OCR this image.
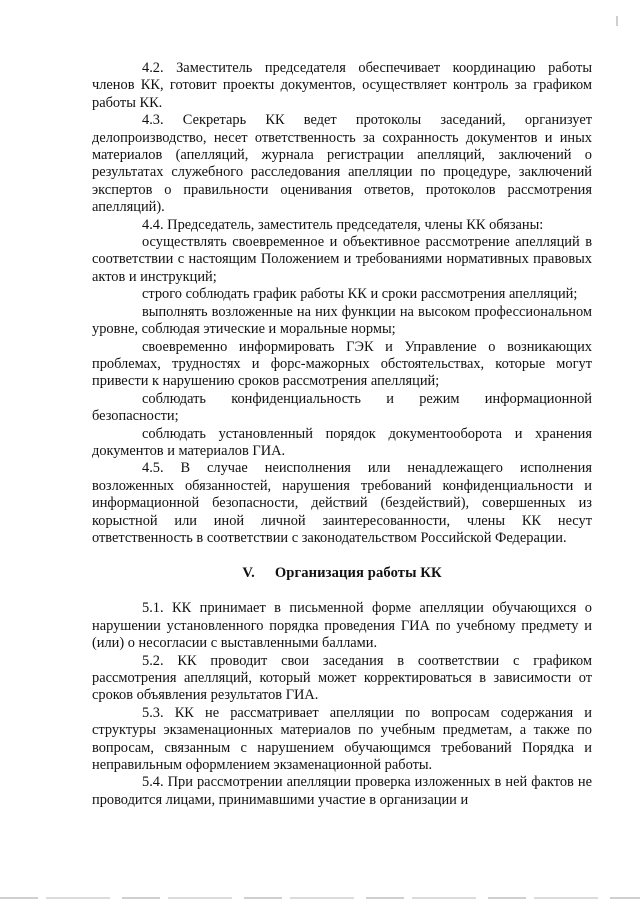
4.2. Заместитель председателя обеспечивает координацию работы членов КК, готовит проекты документов, осуществляет контроль за графиком работы КК.

4.3. Секретарь КК ведет протоколы заседаний, организует делопроизводство, несет ответственность за сохранность документов и иных материалов (апелляций, журнала регистрации апелляций, заключений о результатах служебного расследования апелляции по процедуре, заключений экспертов о правильности оценивания ответов, протоколов рассмотрения апелляций).

4.4. Председатель, заместитель председателя, члены КК обязаны:

осуществлять своевременное и объективное рассмотрение апелляций в соответствии с настоящим Положением и требованиями нормативных правовых актов и инструкций;

строго соблюдать график работы КК и сроки рассмотрения апелляций;

выполнять возложенные на них функции на высоком профессиональном уровне, соблюдая этические и моральные нормы;

своевременно информировать ГЭК и Управление о возникающих проблемах, трудностях и форс-мажорных обстоятельствах, которые могут привести к нарушению сроков рассмотрения апелляций;

соблюдать конфиденциальность и режим информационной безопасности;

соблюдать установленный порядок документооборота и хранения документов и материалов ГИА.

4.5. В случае неисполнения или ненадлежащего исполнения возложенных обязанностей, нарушения требований конфиденциальности и информационной безопасности, действий (бездействий), совершенных из корыстной или иной личной заинтересованности, члены КК несут ответственность в соответствии с законодательством Российской Федерации.

V. Организация работы КК

5.1. КК принимает в письменной форме апелляции обучающихся о нарушении установленного порядка проведения ГИА по учебному предмету и (или) о несогласии с выставленными баллами.

5.2. КК проводит свои заседания в соответствии с графиком рассмотрения апелляций, который может корректироваться в зависимости от сроков объявления результатов ГИА.

5.3. КК не рассматривает апелляции по вопросам содержания и структуры экзаменационных материалов по учебным предметам, а также по вопросам, связанным с нарушением обучающимся требований Порядка и неправильным оформлением экзаменационной работы.

5.4. При рассмотрении апелляции проверка изложенных в ней фактов не проводится лицами, принимавшими участие в организации и
